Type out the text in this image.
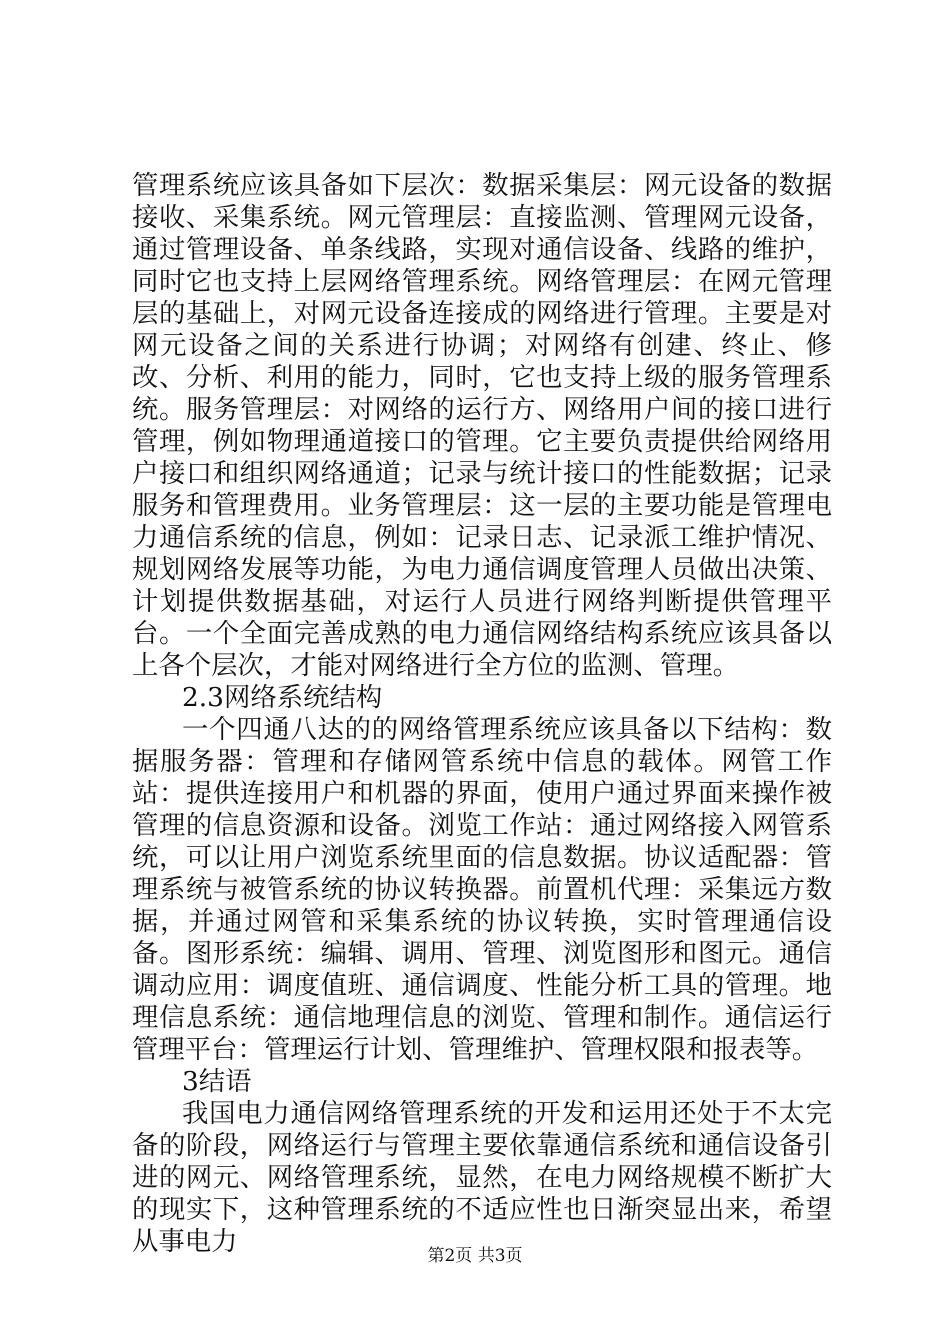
管理系统应该具备如下层次：数据采集层：网元设备的数据接收、采集系统。网元管理层：直接监测、管理网元设备，通过管理设备、单条线路，实现对通信设备、线路的维护，同时它也支持上层网络管理系统。网络管理层：在网元管理层的基础上，对网元设备连接成的网络进行管理。主要是对网元设备之间的关系进行协调；对网络有创建、终止、修改、分析、利用的能力，同时，它也支持上级的服务管理系统。服务管理层：对网络的运行方、网络用户间的接口进行管理，例如物理通道接口的管理。它主要负责提供给网络用户接口和组织网络通道；记录与统计接口的性能数据；记录服务和管理费用。业务管理层：这一层的主要功能是管理电力通信系统的信息，例如：记录日志、记录派工维护情况、规划网络发展等功能，为电力通信调度管理人员做出决策、计划提供数据基础，对运行人员进行网络判断提供管理平台。一个全面完善成熟的电力通信网络结构系统应该具备以上各个层次，才能对网络进行全方位的监测、管理。

2.3网络系统结构

一个四通八达的的网络管理系统应该具备以下结构：数据服务器：管理和存储网管系统中信息的载体。网管工作站：提供连接用户和机器的界面，使用户通过界面来操作被管理的信息资源和设备。浏览工作站：通过网络接入网管系统，可以让用户浏览系统里面的信息数据。协议适配器：管理系统与被管系统的协议转换器。前置机代理：采集远方数据，并通过网管和采集系统的协议转换，实时管理通信设备。图形系统：编辑、调用、管理、浏览图形和图元。通信调动应用：调度值班、通信调度、性能分析工具的管理。地理信息系统：通信地理信息的浏览、管理和制作。通信运行管理平台：管理运行计划、管理维护、管理权限和报表等。

3结语

我国电力通信网络管理系统的开发和运用还处于不太完备的阶段，网络运行与管理主要依靠通信系统和通信设备引进的网元、网络管理系统，显然，在电力网络规模不断扩大的现实下，这种管理系统的不适应性也日渐突显出来，希望从事电力	第2页 共3页
